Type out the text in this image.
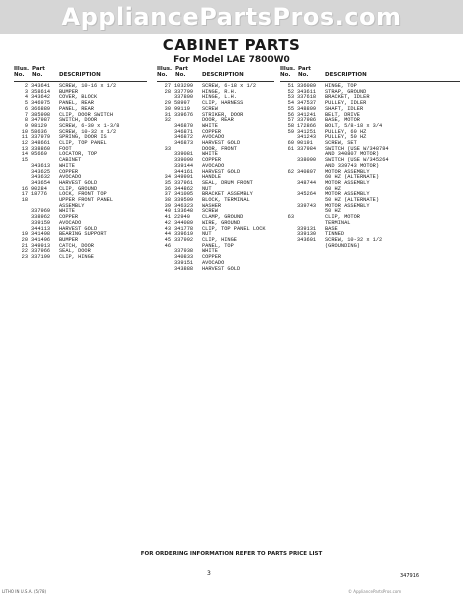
AppliancePartsPros.com
CABINET PARTS
For Model LAE 7800W0
Illus.
No.
Part
No.	DESCRIPTION
2 343641	SCREW, 10-16 x 1/2
3 358614	BUMPER
4 343642	COVER, BLOCK
5 346975	PANEL, REAR
6 366889	PANEL, REAR
7 385998	CLIP, DOOR SWITCH
8 347987	SWITCH, DOOR
9 98129	SCREW, 6-30 x 1-3/8
10 58636	SCREW, 10-32 x 1/2
11 337979	SPRING, DOOR IS
12 348661	CLIP, TOP PANEL
13 338860	FOOT
14 95669	LOCATOR, TOP
15	CABINET
343613	WHITE
343625	COPPER
343632	AVOCADO
343654	HARVEST GOLD
16 90284	CLIP, GROUND
17 18776	LOCK, FRONT TOP
18	UPPER FRONT PANEL
ASSEMBLY
337969	WHITE
338962	COPPER
339159	AVOCADO
344113	HARVEST GOLD
19 341498	BEARING SUPPORT
20 341496	BUMPER
21 349913	CATCH, DOOR
22 337966	SEAL, DOOR
23 337199	CLIP, HINGE
Illus.
No.
Part
No.	DESCRIPTION
27 103299	SCREW, 6-18 x 1/2
28 337799	HINGE, R.H.
337800	HINGE, L.H.
29 58997	CLIP, HARNESS
30 99119	SCREW
31 339676	STRIKER, DOOR
32	DOOR, REAR
346870	WHITE
346871	COPPER
346872	AVOCADO
346873	HARVEST GOLD
33	DOOR, FRONT
339081	WHITE
339090	COPPER
339144	AVOCADO
344161	HARVEST GOLD
34 349991	HANDLE
35 337961	SEAL, DRUM FRONT
36 344862	NUT
37 341005	BRACKET ASSEMBLY
38 339509	BLOCK, TERMINAL
39 346323	WASHER
40 133648	SCREW
41 22940	CLAMP, GROUND
42 344089	WIRE, GROUND
43 341778	CLIP, TOP PANEL LOCK
44 339619	NUT
45 337992	CLIP, HINGE
46	PANEL, TOP
337938	WHITE
340833	COPPER
339151	AVOCADO
343888	HARVEST GOLD
Illus.
No.
Part
No.	DESCRIPTION
51 336089	HINGE, TOP
52 343611	STRAP, GROUND
53 337618	BRACKET, IDLER
54 347537	PULLEY, IDLER
55 348809	SHAFT, IDLER
56 341241	BELT, DRIVE
57 337986	BASE, MOTOR
58 172866	BOLT, 5/8-18 x 3/4
59 341251	PULLEY, 60 HZ
341243	PULLEY, 50 HZ
60 90191	SCREW, SET
61 337984	SWITCH (USE W/348784
AND 340807 MOTOR)
338090	SWITCH (USE W/345264
AND 339743 MOTOR)
62 340807	MOTOR ASSEMBLY
60 HZ (ALTERNATE)
348744	MOTOR ASSEMBLY
60 HZ
345264	MOTOR ASSEMBLY
50 HZ (ALTERNATE)
339743	MOTOR ASSEMBLY
50 HZ
63	CLIP, MOTOR
TERMINAL
339131	BASE
339130	TINNED
343601	SCREW, 10-32 x 1/2
(GROUNDING)
FOR ORDERING INFORMATION REFER TO PARTS PRICE LIST
3	347916
LITHO IN U.S.A. (5/78)	© AppliancePartsPros.com
